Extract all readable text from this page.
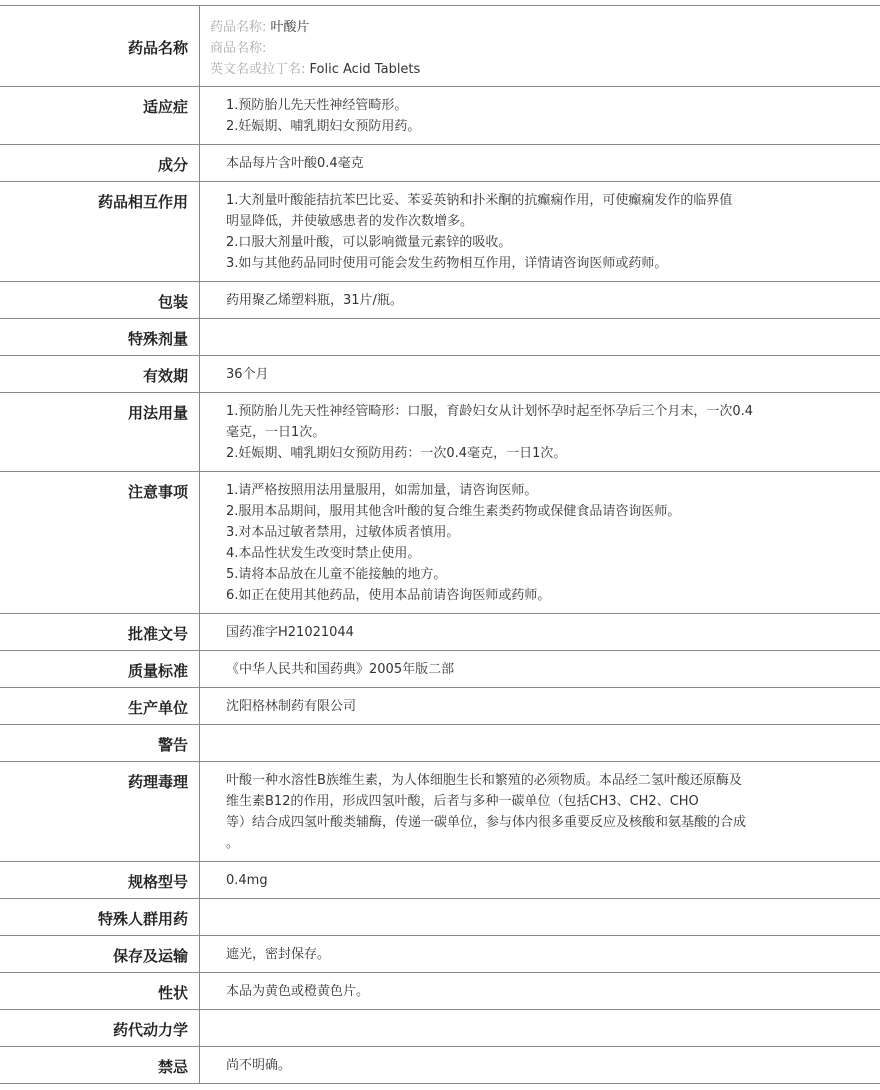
药品名称
药品名称: 叶酸片
商品名称:
英文名或拉丁名: Folic Acid Tablets
适应症	1.预防胎儿先天性神经管畸形。
2.妊娠期、哺乳期妇女预防用药。
成分	本品每片含叶酸0.4毫克
药品相互作用	1.大剂量叶酸能拮抗苯巴比妥、苯妥英钠和扑米酮的抗癫痫作用，可使癫痫发作的临界值
明显降低，并使敏感患者的发作次数增多。
2.口服大剂量叶酸，可以影响微量元素锌的吸收。
3.如与其他药品同时使用可能会发生药物相互作用，详情请咨询医师或药师。
包装	药用聚乙烯塑料瓶，31片/瓶。
特殊剂量
有效期	36个月
用法用量	1.预防胎儿先天性神经管畸形：口服，育龄妇女从计划怀孕时起至怀孕后三个月末，一次0.4
毫克，一日1次。
2.妊娠期、哺乳期妇女预防用药：一次0.4毫克，一日1次。
注意事项	1.请严格按照用法用量服用，如需加量，请咨询医师。
2.服用本品期间，服用其他含叶酸的复合维生素类药物或保健食品请咨询医师。
3.对本品过敏者禁用，过敏体质者慎用。
4.本品性状发生改变时禁止使用。
5.请将本品放在儿童不能接触的地方。
6.如正在使用其他药品，使用本品前请咨询医师或药师。
批准文号	国药准字H21021044
质量标准	《中华人民共和国药典》2005年版二部
生产单位	沈阳格林制药有限公司
警告
药理毒理	叶酸一种水溶性B族维生素，为人体细胞生长和繁殖的必须物质。本品经二氢叶酸还原酶及
维生素B12的作用，形成四氢叶酸，后者与多种一碳单位（包括CH3、CH2、CHO
等）结合成四氢叶酸类辅酶，传递一碳单位，参与体内很多重要反应及核酸和氨基酸的合成
。
规格型号	0.4mg
特殊人群用药
保存及运输	遮光，密封保存。
性状	本品为黄色或橙黄色片。
药代动力学
禁忌	尚不明确。
